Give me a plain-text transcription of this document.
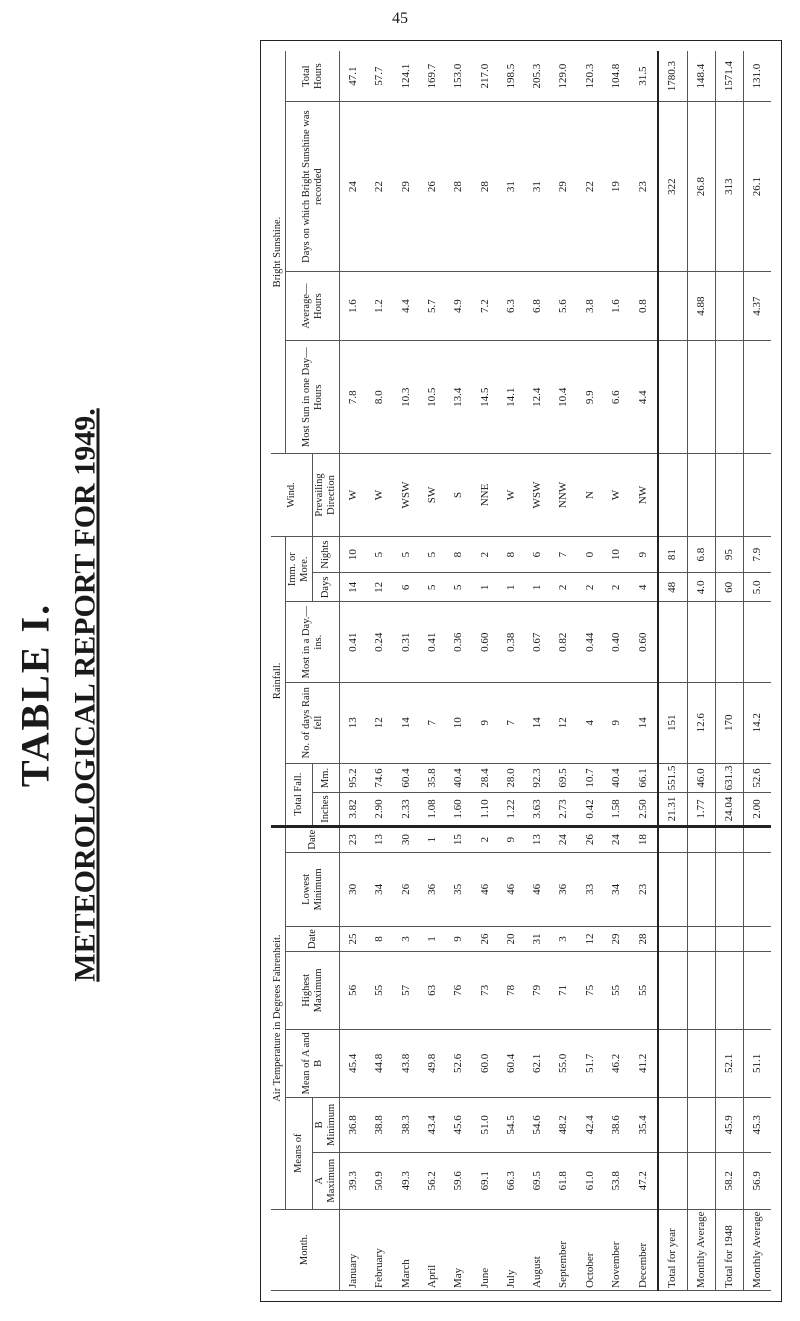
45
TABLE I. METEOROLOGICAL REPORT FOR 1949.
Month.	Air Temperature in Degrees Fahrenheit.							Rainfall.						Wind.	Bright Sunshine.			
	Means of		Mean of A and B	Highest Maximum	Date	Lowest Minimum	Date	Total Fall.		No. of days Rain fell	Most in a Day.—ins.	Imm. or More.			Most Sun in one Day—Hours	Average—Hours	Days on which Bright Sunshine was recorded	Total Hours
	A Maximum	B Minimum						Inches	Mm.			Days	Nights	Prevailing Direction				
January	39.3	36.8	45.4	56	25	30	23	3.82	95.2	13	0.41	14	10	W	7.8	1.6	24	47.1
February	50.9	38.8	44.8	55	8	34	13	2.90	74.6	12	0.24	12	5	W	8.0	1.2	22	57.7
March	49.3	38.3	43.8	57	3	26	30	2.33	60.4	14	0.31	6	5	WSW	10.3	4.4	29	124.1
April	56.2	43.4	49.8	63	1	36	1	1.08	35.8	7	0.41	5	5	SW	10.5	5.7	26	169.7
May	59.6	45.6	52.6	76	9	35	15	1.60	40.4	10	0.36	5	8	S	13.4	4.9	28	153.0
June	69.1	51.0	60.0	73	26	46	2	1.10	28.4	9	0.60	1	2	NNE	14.5	7.2	28	217.0
July	66.3	54.5	60.4	78	20	46	9	1.22	28.0	7	0.38	1	8	W	14.1	6.3	31	198.5
August	69.5	54.6	62.1	79	31	46	13	3.63	92.3	14	0.67	1	6	WSW	12.4	6.8	31	205.3
September	61.8	48.2	55.0	71	3	36	24	2.73	69.5	12	0.82	2	7	NNW	10.4	5.6	29	129.0
October	61.0	42.4	51.7	75	12	33	26	0.42	10.7	4	0.44	2	0	N	9.9	3.8	22	120.3
November	53.8	38.6	46.2	55	29	34	24	1.58	40.4	9	0.40	2	10	W	6.6	1.6	19	104.8
December	47.2	35.4	41.2	55	28	23	18	2.50	66.1	14	0.60	4	9	NW	4.4	0.8	23	31.5
Total for year								21.31	551.5	151		48	81				322	1780.3
Monthly Average								1.77	46.0	12.6		4.0	6.8			4.88	26.8	148.4
Total for 1948	58.2	45.9	52.1					24.04	631.3	170		60	95				313	1571.4
Monthly Average	56.9	45.3	51.1					2.00	52.6	14.2		5.0	7.9			4.37	26.1	131.0
